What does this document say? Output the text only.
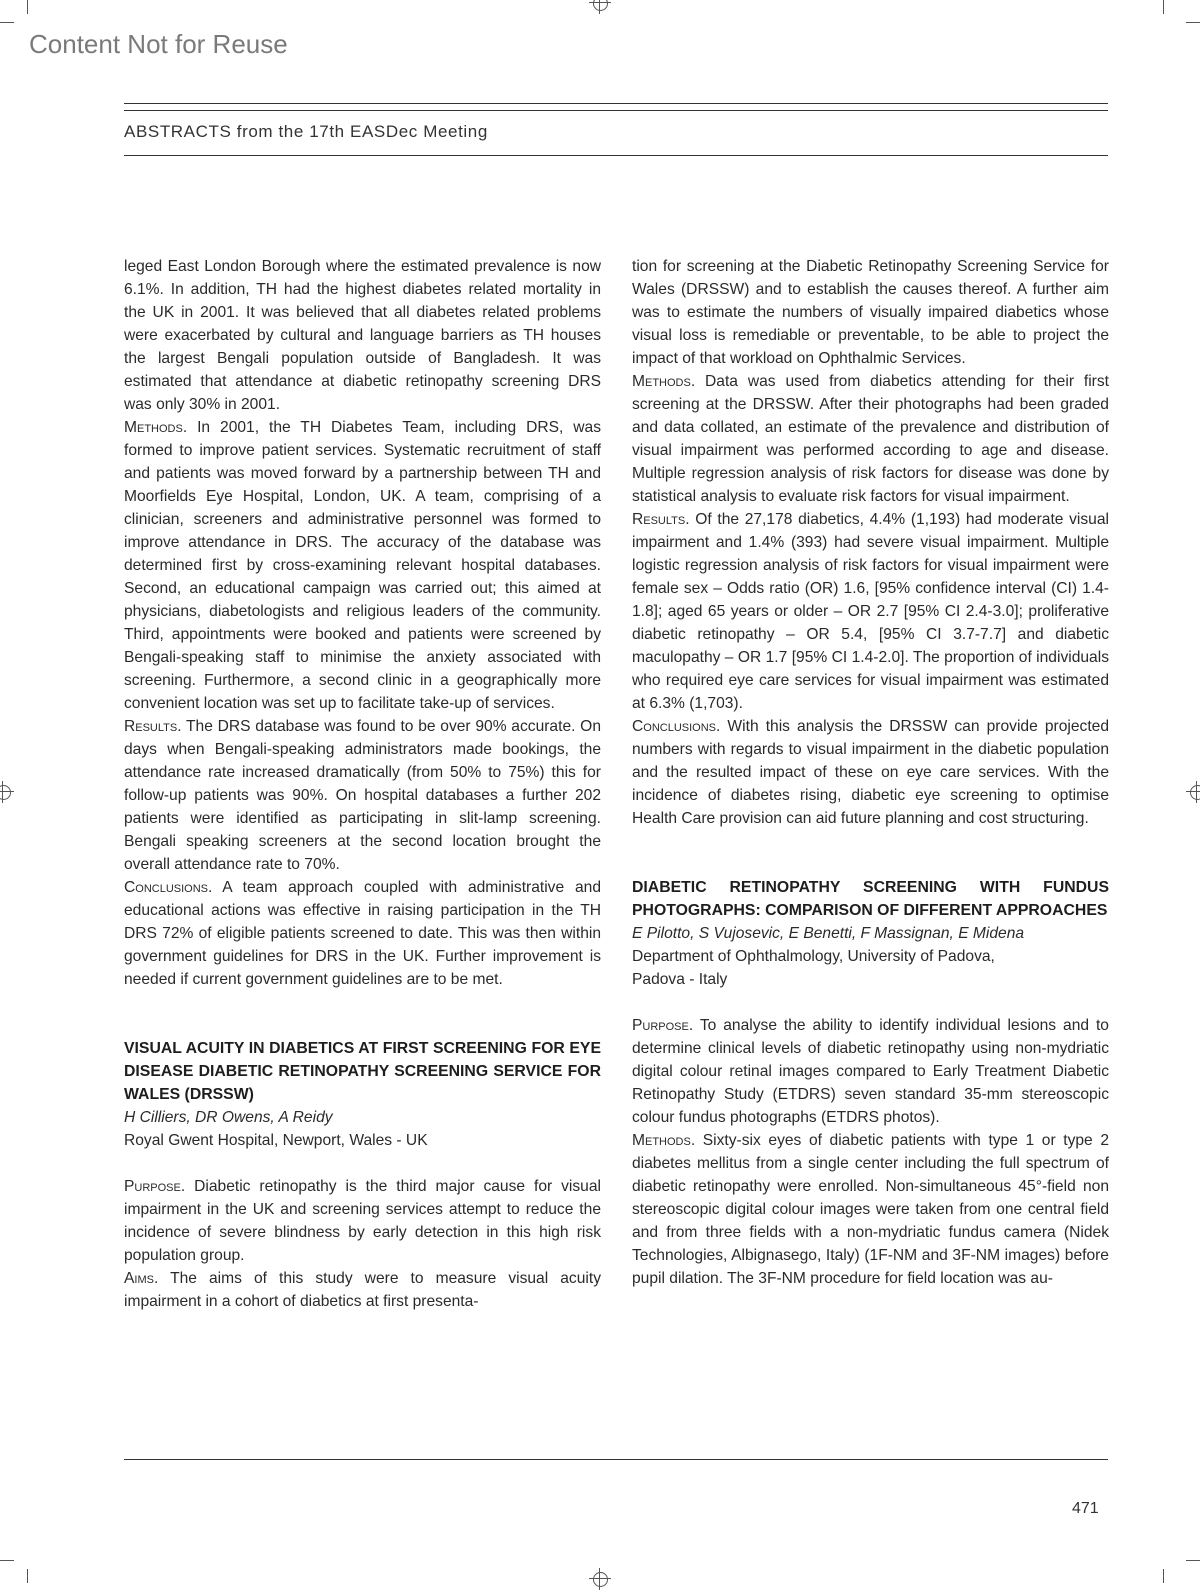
Content Not for Reuse
ABSTRACTS from the 17th EASDec Meeting

leged East London Borough where the estimated prevalence is now 6.1%. In addition, TH had the highest diabetes related mortality in the UK in 2001. It was believed that all diabetes related problems were exacerbated by cultural and language barriers as TH houses the largest Bengali population outside of Bangladesh. It was estimated that attendance at diabetic retinopathy screening DRS was only 30% in 2001.

Methods. In 2001, the TH Diabetes Team, including DRS, was formed to improve patient services. Systematic recruitment of staff and patients was moved forward by a partnership between TH and Moorfields Eye Hospital, London, UK. A team, comprising of a clinician, screeners and administrative personnel was formed to improve attendance in DRS. The accuracy of the database was determined first by cross-examining relevant hospital databases. Second, an educational campaign was carried out; this aimed at physicians, diabetologists and religious leaders of the community. Third, appointments were booked and patients were screened by Bengali-speaking staff to minimise the anxiety associated with screening. Furthermore, a second clinic in a geographically more convenient location was set up to facilitate take-up of services.

Results. The DRS database was found to be over 90% accurate. On days when Bengali-speaking administrators made bookings, the attendance rate increased dramatically (from 50% to 75%) this for follow-up patients was 90%. On hospital databases a further 202 patients were identified as participating in slit-lamp screening. Bengali speaking screeners at the second location brought the overall attendance rate to 70%.

Conclusions. A team approach coupled with administrative and educational actions was effective in raising participation in the TH DRS 72% of eligible patients screened to date. This was then within government guidelines for DRS in the UK. Further improvement is needed if current government guidelines are to be met.

VISUAL ACUITY IN DIABETICS AT FIRST SCREENING FOR EYE DISEASE DIABETIC RETINOPATHY SCREENING SERVICE FOR WALES (DRSSW)

H Cilliers, DR Owens, A Reidy

Royal Gwent Hospital, Newport, Wales - UK

Purpose. Diabetic retinopathy is the third major cause for visual impairment in the UK and screening services attempt to reduce the incidence of severe blindness by early detection in this high risk population group.

Aims. The aims of this study were to measure visual acuity impairment in a cohort of diabetics at first presenta-

tion for screening at the Diabetic Retinopathy Screening Service for Wales (DRSSW) and to establish the causes thereof. A further aim was to estimate the numbers of visually impaired diabetics whose visual loss is remediable or preventable, to be able to project the impact of that workload on Ophthalmic Services.

Methods. Data was used from diabetics attending for their first screening at the DRSSW. After their photographs had been graded and data collated, an estimate of the prevalence and distribution of visual impairment was performed according to age and disease. Multiple regression analysis of risk factors for disease was done by statistical analysis to evaluate risk factors for visual impairment.

Results. Of the 27,178 diabetics, 4.4% (1,193) had moderate visual impairment and 1.4% (393) had severe visual impairment. Multiple logistic regression analysis of risk factors for visual impairment were female sex – Odds ratio (OR) 1.6, [95% confidence interval (CI) 1.4-1.8]; aged 65 years or older – OR 2.7 [95% CI 2.4-3.0]; proliferative diabetic retinopathy – OR 5.4, [95% CI 3.7-7.7] and diabetic maculopathy – OR 1.7 [95% CI 1.4-2.0]. The proportion of individuals who required eye care services for visual impairment was estimated at 6.3% (1,703).

Conclusions. With this analysis the DRSSW can provide projected numbers with regards to visual impairment in the diabetic population and the resulted impact of these on eye care services. With the incidence of diabetes rising, diabetic eye screening to optimise Health Care provision can aid future planning and cost structuring.

DIABETIC RETINOPATHY SCREENING WITH FUNDUS PHOTOGRAPHS: COMPARISON OF DIFFERENT APPROACHES

E Pilotto, S Vujosevic, E Benetti, F Massignan, E Midena

Department of Ophthalmology, University of Padova,

Padova - Italy

Purpose. To analyse the ability to identify individual lesions and to determine clinical levels of diabetic retinopathy using non-mydriatic digital colour retinal images compared to Early Treatment Diabetic Retinopathy Study (ETDRS) seven standard 35-mm stereoscopic colour fundus photographs (ETDRS photos).

Methods. Sixty-six eyes of diabetic patients with type 1 or type 2 diabetes mellitus from a single center including the full spectrum of diabetic retinopathy were enrolled. Non-simultaneous 45°-field non stereoscopic digital colour images were taken from one central field and from three fields with a non-mydriatic fundus camera (Nidek Technologies, Albignasego, Italy) (1F-NM and 3F-NM images) before pupil dilation. The 3F-NM procedure for field location was au-

471
